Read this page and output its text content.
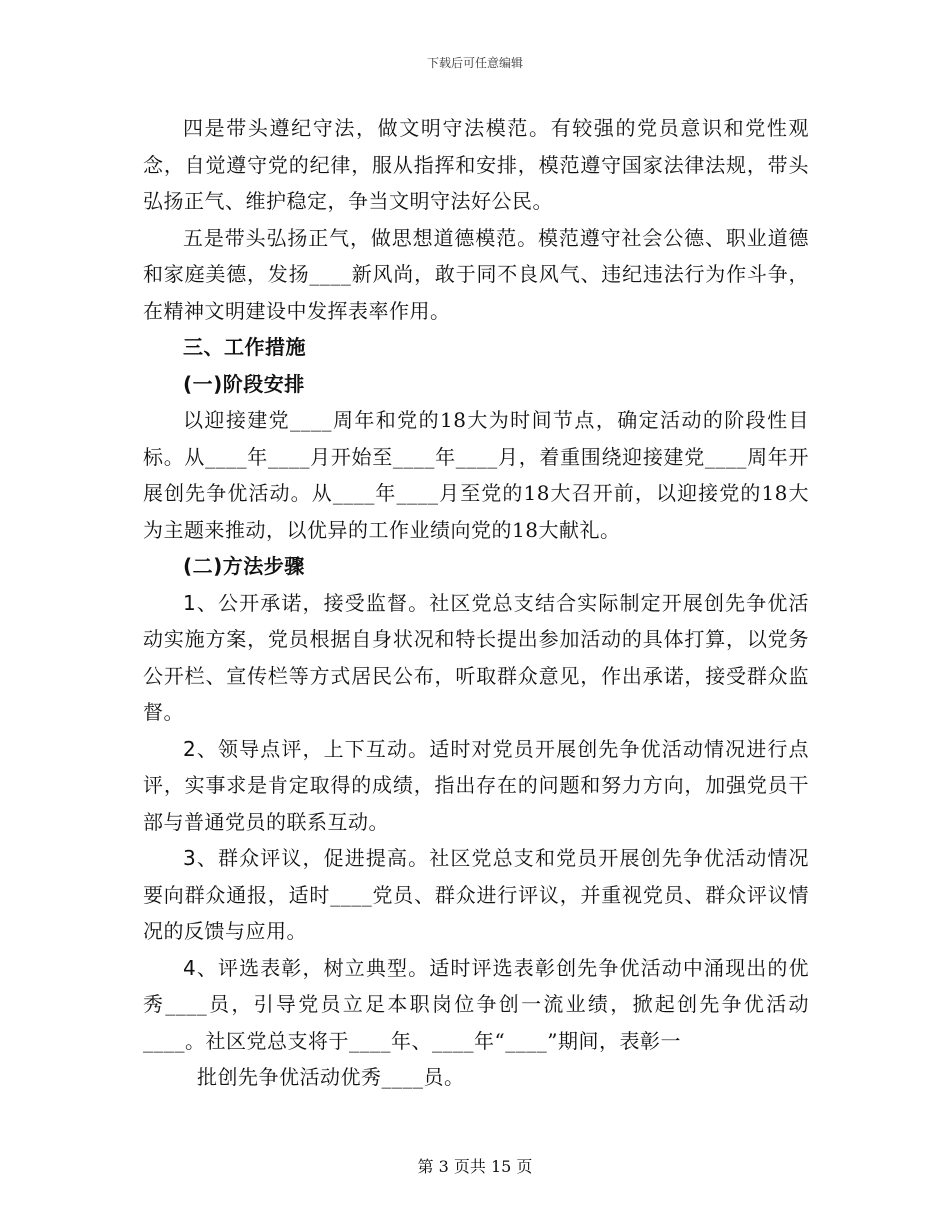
下载后可任意编辑

四是带头遵纪守法，做文明守法模范。有较强的党员意识和党性观念，自觉遵守党的纪律，服从指挥和安排，模范遵守国家法律法规，带头弘扬正气、维护稳定，争当文明守法好公民。

五是带头弘扬正气，做思想道德模范。模范遵守社会公德、职业道德和家庭美德，发扬____新风尚，敢于同不良风气、违纪违法行为作斗争，在精神文明建设中发挥表率作用。

三、工作措施

(一)阶段安排

以迎接建党____周年和党的18大为时间节点，确定活动的阶段性目标。从____年____月开始至____年____月，着重围绕迎接建党____周年开展创先争优活动。从____年____月至党的18大召开前，以迎接党的18大为主题来推动，以优异的工作业绩向党的18大献礼。

(二)方法步骤

1、公开承诺，接受监督。社区党总支结合实际制定开展创先争优活动实施方案，党员根据自身状况和特长提出参加活动的具体打算，以党务公开栏、宣传栏等方式居民公布，听取群众意见，作出承诺，接受群众监督。

2、领导点评，上下互动。适时对党员开展创先争优活动情况进行点评，实事求是肯定取得的成绩，指出存在的问题和努力方向，加强党员干部与普通党员的联系互动。

3、群众评议，促进提高。社区党总支和党员开展创先争优活动情况要向群众通报，适时____党员、群众进行评议，并重视党员、群众评议情况的反馈与应用。

4、评选表彰，树立典型。适时评选表彰创先争优活动中涌现出的优秀____员，引导党员立足本职岗位争创一流业绩，掀起创先争优活动____。社区党总支将于____年、____年“____”期间，表彰一

批创先争优活动优秀____员。

第 3 页共 15 页
